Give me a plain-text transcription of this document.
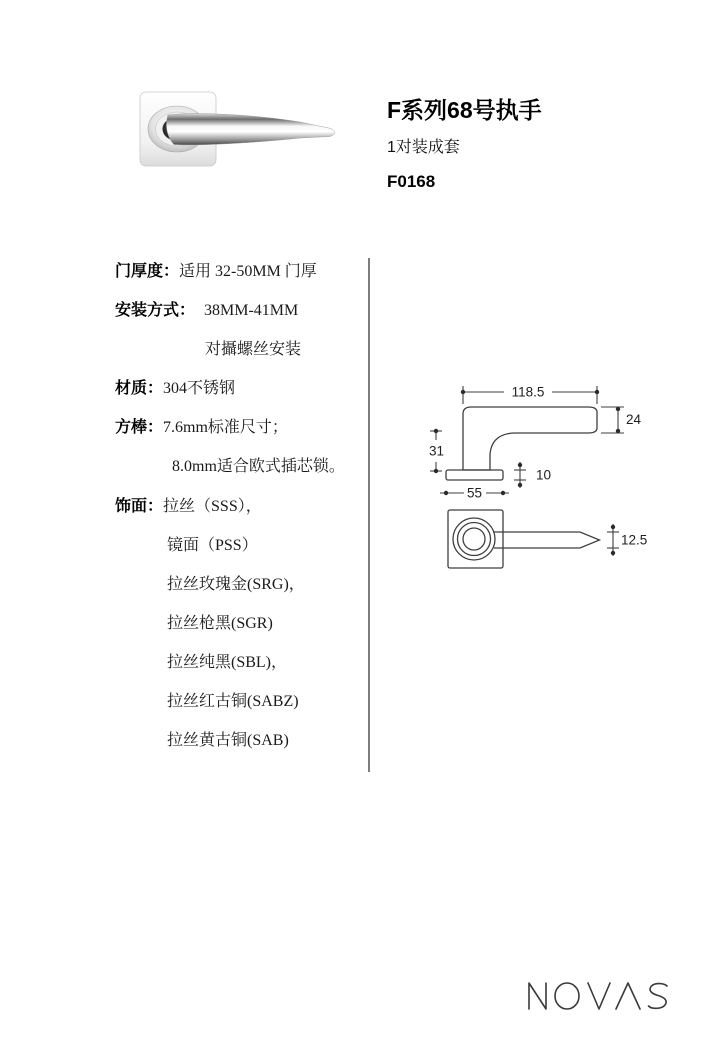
F系列68号执手
1对装成套
F0168
门厚度：适用 32-50MM 门厚
安装方式： 38MM-41MM
对攝螺丝安装
材质：304不锈钢
方棒：7.6mm标准尺寸；
8.0mm适合欧式插芯锁。
饰面：拉丝（SSS），
镜面（PSS）
拉丝玫瑰金(SRG)，
拉丝枪黑(SGR)
拉丝纯黑(SBL)，
拉丝红古铜(SABZ)
拉丝黄古铜(SAB)
118.5
24
31
10
55
12.5
